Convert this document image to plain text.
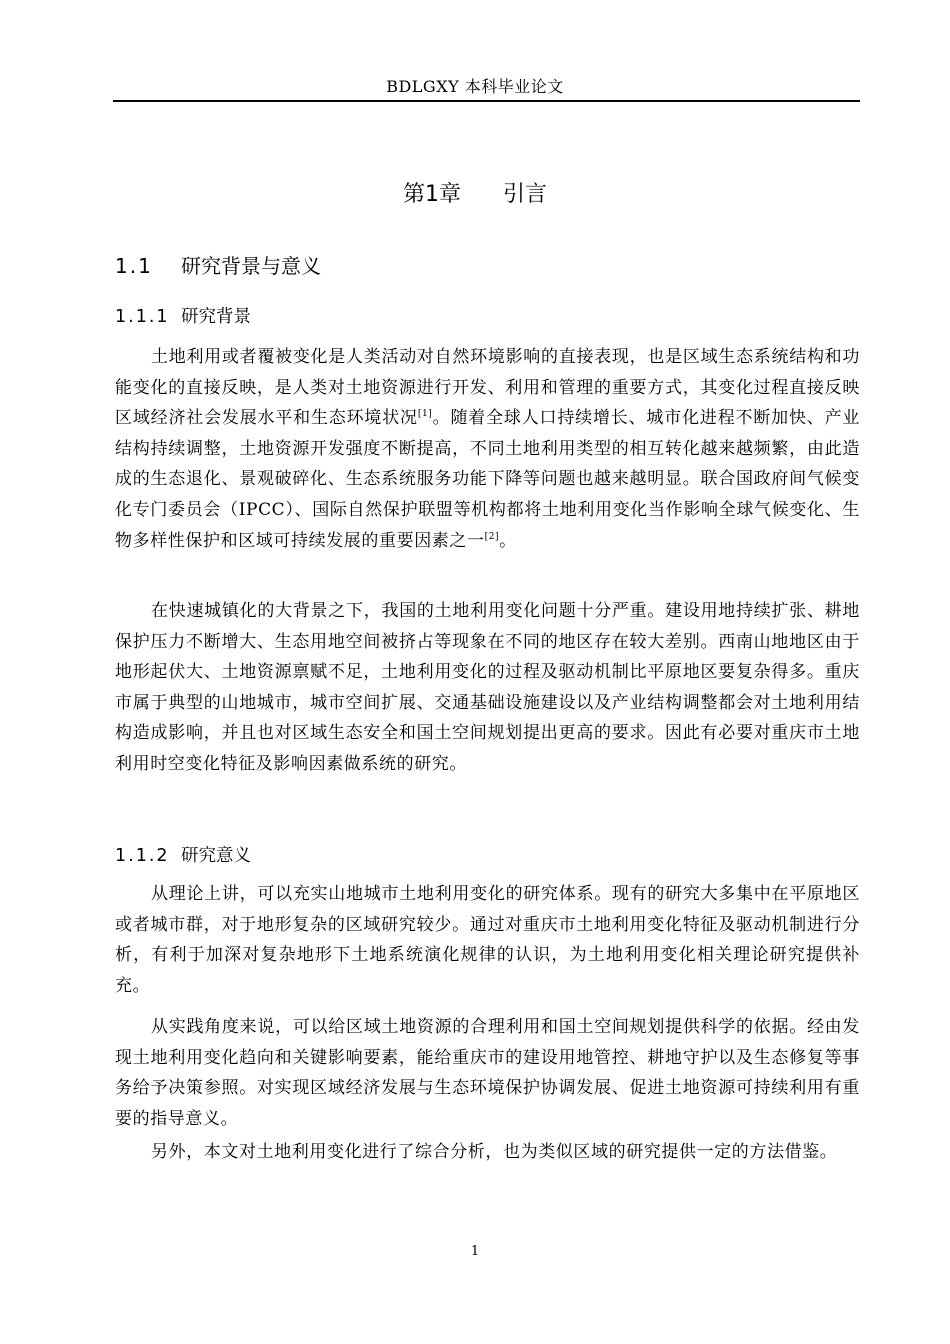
BDLGXY 本科毕业论文
第1章 引言
1.1 研究背景与意义
1.1.1 研究背景

土地利用或者覆被变化是人类活动对自然环境影响的直接表现，也是区域生态系统结构和功能变化的直接反映，是人类对土地资源进行开发、利用和管理的重要方式，其变化过程直接反映区域经济社会发展水平和生态环境状况[1]。随着全球人口持续增长、城市化进程不断加快、产业结构持续调整，土地资源开发强度不断提高，不同土地利用类型的相互转化越来越频繁，由此造成的生态退化、景观破碎化、生态系统服务功能下降等问题也越来越明显。联合国政府间气候变化专门委员会（IPCC）、国际自然保护联盟等机构都将土地利用变化当作影响全球气候变化、生物多样性保护和区域可持续发展的重要因素之一[2]。

在快速城镇化的大背景之下，我国的土地利用变化问题十分严重。建设用地持续扩张、耕地保护压力不断增大、生态用地空间被挤占等现象在不同的地区存在较大差别。西南山地地区由于地形起伏大、土地资源禀赋不足，土地利用变化的过程及驱动机制比平原地区要复杂得多。重庆市属于典型的山地城市，城市空间扩展、交通基础设施建设以及产业结构调整都会对土地利用结构造成影响，并且也对区域生态安全和国土空间规划提出更高的要求。因此有必要对重庆市土地利用时空变化特征及影响因素做系统的研究。

1.1.2 研究意义

从理论上讲，可以充实山地城市土地利用变化的研究体系。现有的研究大多集中在平原地区或者城市群，对于地形复杂的区域研究较少。通过对重庆市土地利用变化特征及驱动机制进行分析，有利于加深对复杂地形下土地系统演化规律的认识，为土地利用变化相关理论研究提供补充。

从实践角度来说，可以给区域土地资源的合理利用和国土空间规划提供科学的依据。经由发现土地利用变化趋向和关键影响要素，能给重庆市的建设用地管控、耕地守护以及生态修复等事务给予决策参照。对实现区域经济发展与生态环境保护协调发展、促进土地资源可持续利用有重要的指导意义。

另外，本文对土地利用变化进行了综合分析，也为类似区域的研究提供一定的方法借鉴。

1
